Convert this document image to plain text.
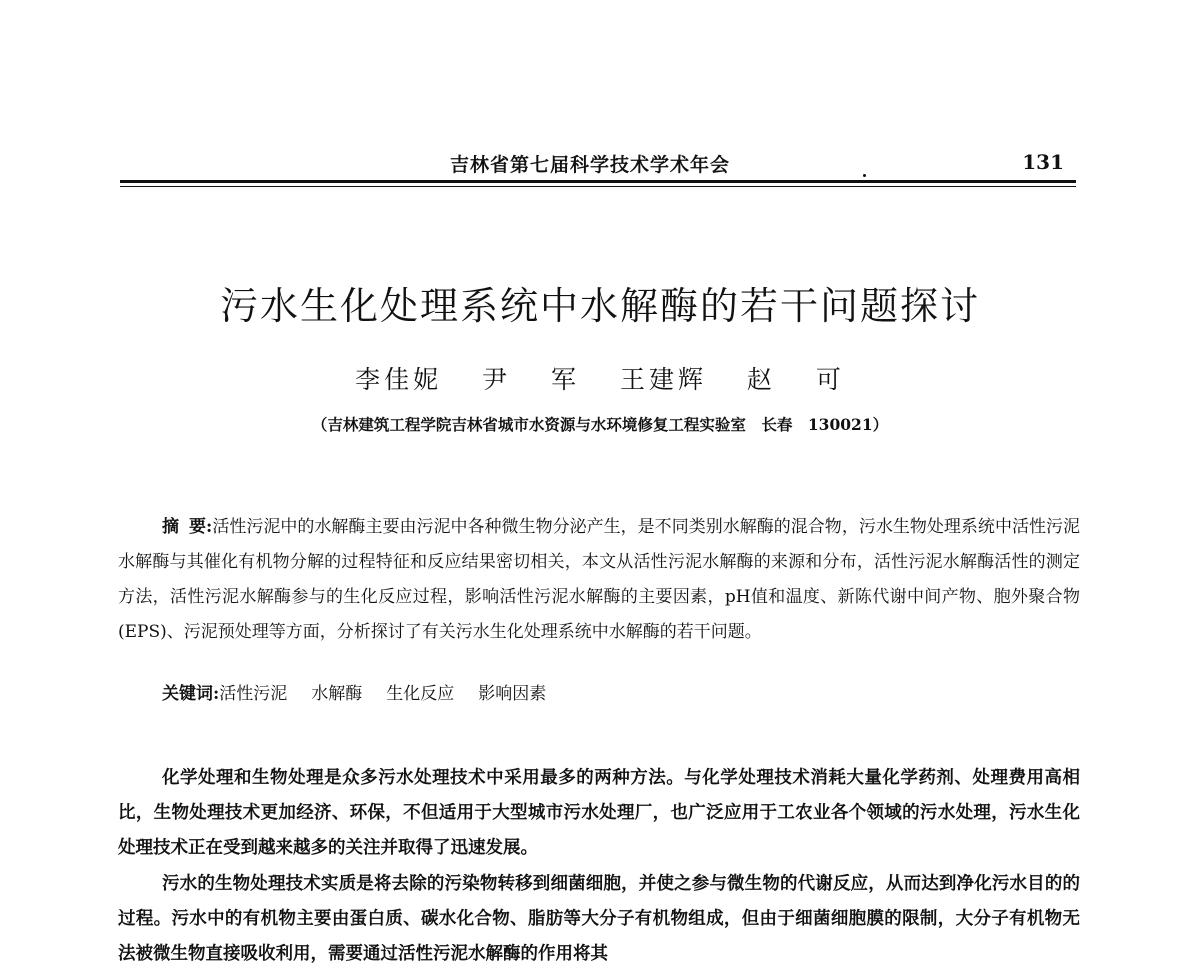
吉林省第七届科学技术学术年会	131
污水生化处理系统中水解酶的若干问题探讨
李佳妮 尹 军 王建辉 赵 可
（吉林建筑工程学院吉林省城市水资源与水环境修复工程实验室　长春　130021）
摘要:活性污泥中的水解酶主要由污泥中各种微生物分泌产生，是不同类别水解酶的混合物，污水生物处理系统中活性污泥水解酶与其催化有机物分解的过程特征和反应结果密切相关，本文从活性污泥水解酶的来源和分布，活性污泥水解酶活性的测定方法，活性污泥水解酶参与的生化反应过程，影响活性污泥水解酶的主要因素，pH值和温度、新陈代谢中间产物、胞外聚合物(EPS)、污泥预处理等方面，分析探讨了有关污水生化处理系统中水解酶的若干问题。
关键词:活性污泥 水解酶 生化反应 影响因素

化学处理和生物处理是众多污水处理技术中采用最多的两种方法。与化学处理技术消耗大量化学药剂、处理费用高相比，生物处理技术更加经济、环保，不但适用于大型城市污水处理厂，也广泛应用于工农业各个领域的污水处理，污水生化处理技术正在受到越来越多的关注并取得了迅速发展。

污水的生物处理技术实质是将去除的污染物转移到细菌细胞，并使之参与微生物的代谢反应，从而达到净化污水目的的过程。污水中的有机物主要由蛋白质、碳水化合物、脂肪等大分子有机物组成，但由于细菌细胞膜的限制，大分子有机物无法被微生物直接吸收利用，需要通过活性污泥水解酶的作用将其
